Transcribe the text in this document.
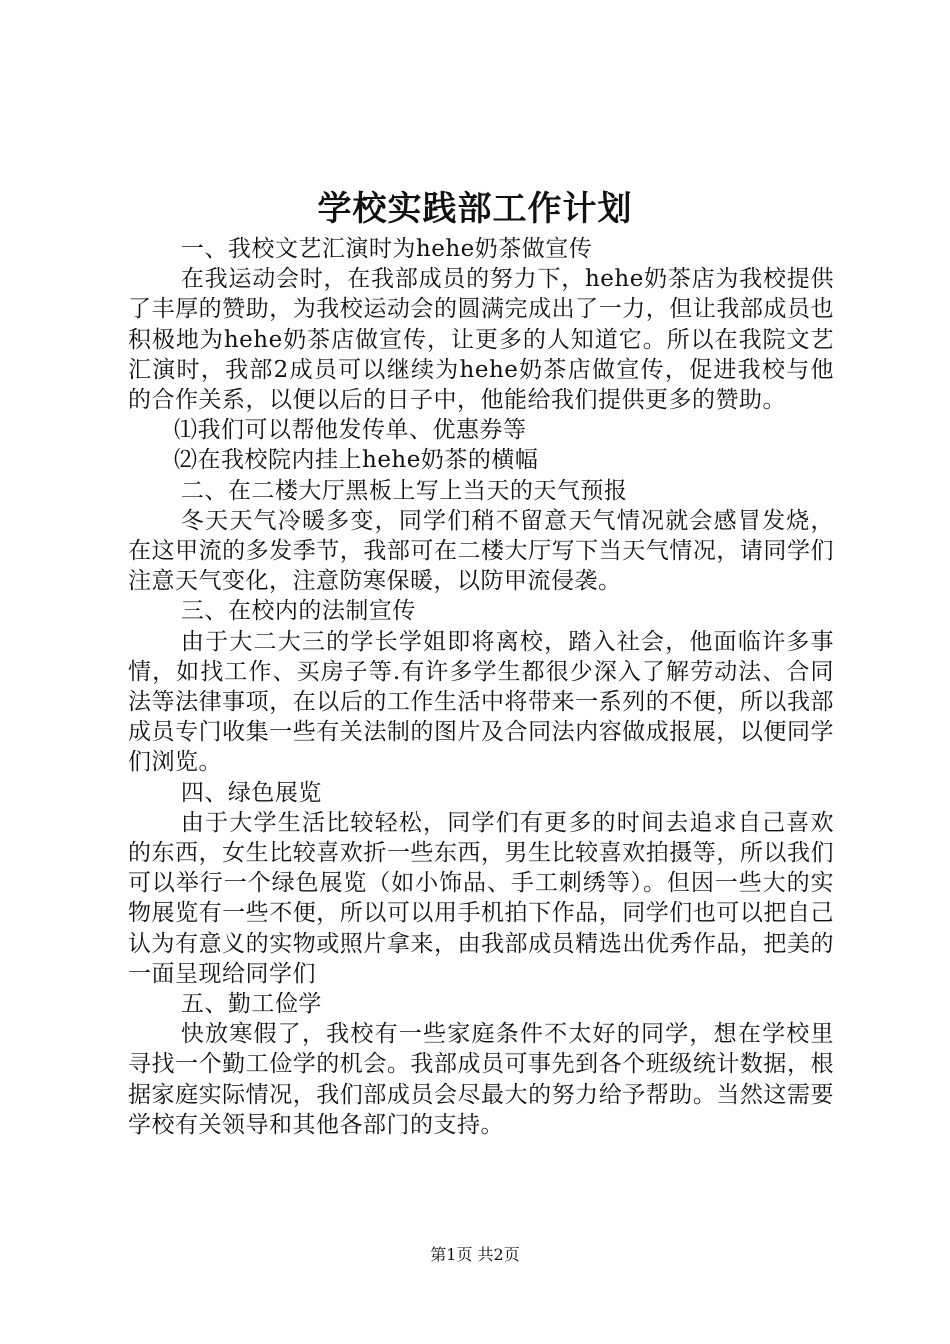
学校实践部工作计划

一、我校文艺汇演时为hehe奶茶做宣传

在我运动会时，在我部成员的努力下，hehe奶茶店为我校提供了丰厚的赞助，为我校运动会的圆满完成出了一力，但让我部成员也积极地为hehe奶茶店做宣传，让更多的人知道它。所以在我院文艺汇演时，我部2成员可以继续为hehe奶茶店做宣传，促进我校与他的合作关系，以便以后的日子中，他能给我们提供更多的赞助。

⑴我们可以帮他发传单、优惠券等

⑵在我校院内挂上hehe奶茶的横幅

二、在二楼大厅黑板上写上当天的天气预报

冬天天气冷暖多变，同学们稍不留意天气情况就会感冒发烧，在这甲流的多发季节，我部可在二楼大厅写下当天气情况，请同学们注意天气变化，注意防寒保暖，以防甲流侵袭。

三、在校内的法制宣传

由于大二大三的学长学姐即将离校，踏入社会，他面临许多事情，如找工作、买房子等.有许多学生都很少深入了解劳动法、合同法等法律事项，在以后的工作生活中将带来一系列的不便，所以我部成员专门收集一些有关法制的图片及合同法内容做成报展，以便同学们浏览。

四、绿色展览

由于大学生活比较轻松，同学们有更多的时间去追求自己喜欢的东西，女生比较喜欢折一些东西，男生比较喜欢拍摄等，所以我们可以举行一个绿色展览（如小饰品、手工刺绣等）。但因一些大的实物展览有一些不便，所以可以用手机拍下作品，同学们也可以把自己认为有意义的实物或照片拿来，由我部成员精选出优秀作品，把美的一面呈现给同学们

五、勤工俭学

快放寒假了，我校有一些家庭条件不太好的同学，想在学校里寻找一个勤工俭学的机会。我部成员可事先到各个班级统计数据，根据家庭实际情况，我们部成员会尽最大的努力给予帮助。当然这需要学校有关领导和其他各部门的支持。

第1页 共2页
